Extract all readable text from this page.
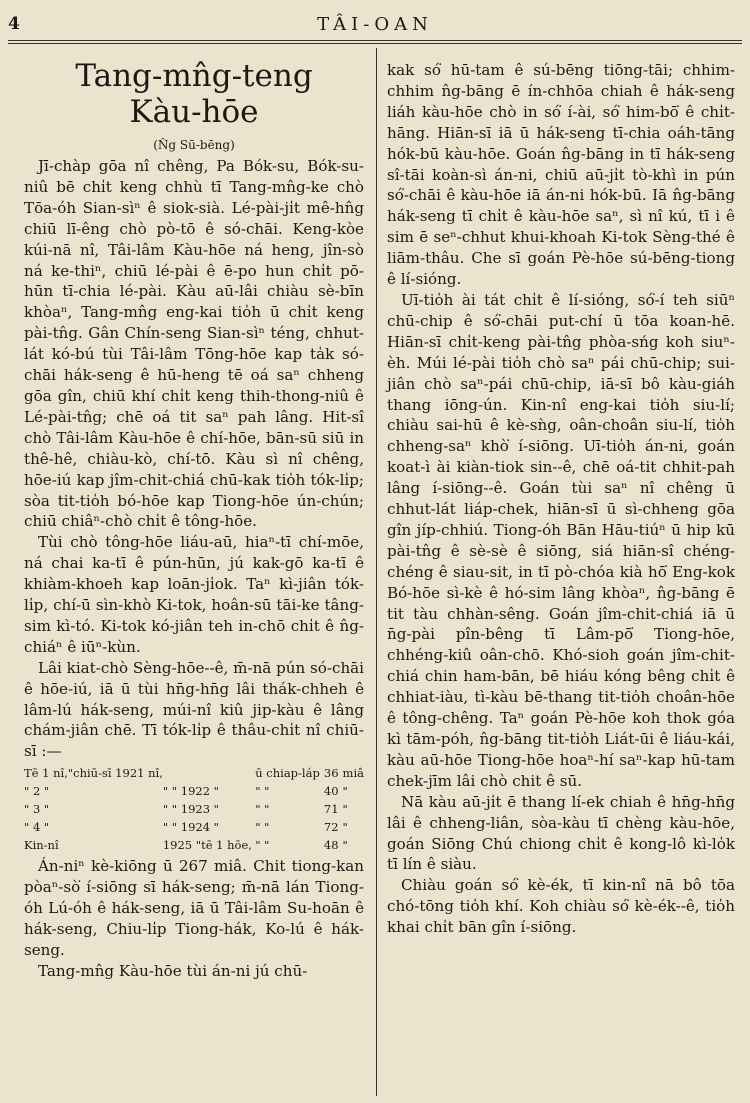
4	TÂI-OAN
Tang-mn̂g-teng
Kàu-hōe
(N̂g Sū-bēng)

Jī-chàp gōa nî chêng, Pa Bók-su, Bók-su-niû bē chi̍t keng chhù tī Tang-mn̂g-ke chò Tōa-óh Sian-sìⁿ ê siok-sià. Lé-pài-ji̍t mê-hn̂g chiū lī-êng chò pò-tō ê só-chāi. Keng-kòe kúi-nā nî, Tâi-lâm Kàu-hōe ná heng, jîn-sò ná ke-thiⁿ, chiū lé-pài ê ē-po hun chi̍t pō-hūn tī-chia lé-pài. Kàu aū-lâi chiàu sè-bīn khòaⁿ, Tang-mn̂g eng-kai tio̍h ū chi̍t keng pài-tn̂g. Gân Chín-seng Sian-sìⁿ téng, chhut-lát kó-bú tùi Tâi-lâm Tōng-hōe kap ta̍k só-chāi hák-seng ê hū-heng tē oá saⁿ chheng gōa gîn, chiū khí chi̍t keng thih-thong-niû ê Lé-pài-tn̂g; chē oá tit saⁿ pah lâng. Hit-sî chò Tâi-lâm Kàu-hōe ê chí-hōe, bān-sū siū in thê-hê, chiàu-kò, chí-tō. Kàu sì nî chêng, hōe-iú kap jîm-chit-chiá chū-kak tio̍h tók-li̍p; sòa tit-tio̍h bó-hōe kap Tiong-hōe ún-chún; chiū chiâⁿ-chò chi̍t ê tông-hōe.

Tùi chò tông-hōe liáu-aū, hiaⁿ-tī chí-mōe, ná chai ka-tī ê pún-hūn, jú kak-gō ka-tī ê khiàm-khoeh kap loān-ji̍ok. Taⁿ kì-jiân tók-li̍p, chí-ū sìn-khò Ki-tok, hoân-sū tāi-ke tâng-sim kì-tó. Ki-tok kó-jiân teh in-chō chi̍t ê n̂g-chiáⁿ ê iūⁿ-kùn.

Lâi kiat-chò Sèng-hōe--ê, m̄-nā pún só-chāi ê hōe-iú, iā ū tùi hn̄g-hn̄g lâi thák-chheh ê lâm-lú hák-seng, múi-nî kiû jip-kàu ê lâng chám-jiân chē. Tī tók-li̍p ê thâu-chi̍t nî chiū-sī :—

Tē 1 nî,"chiū-sī 1921 nî,		ū chiap-láp	36	miâ
" 2 "	" " 1922 "	" "	40	"
" 3 "	" " 1923 "	" "	71	"
" 4 "	" " 1924 "	" "	72	"
Kin-nî	1925 "tē 1 hōe,	" "	48	"

Án-niⁿ kè-kiōng ū 267 miâ. Chit tiong-kan pòaⁿ-sò͘ í-siōng sī hák-seng; m̄-nā lán Tiong-óh Lú-óh ê hák-seng, iā ū Tâi-lâm Su-hoān ê hák-seng, Chiu-li̍p Tiong-hák, Ko-lú ê hák-seng.

Tang-mn̂g Kàu-hōe tùi án-ni jú chū-

kak só͘ hū-tam ê sú-bēng tiōng-tāi; chhim-chhim n̂g-bāng ē ín-chhōa chiah ê hák-seng liáh kàu-hōe chò in só͘ í-ài, só͘ him-bō͘ ê chi̍t-hāng. Hiān-sī iā ū hák-seng tī-chia oáh-tāng hók-bū kàu-hōe. Goán n̂g-bāng in tī hák-seng sî-tāi koàn-sì án-ni, chiū aū-ji̍t tò-khì in pún só͘-chāi ê kàu-hōe iā án-ni hók-bū. Iā n̂g-bāng hák-seng tī chi̍t ê kàu-hōe saⁿ, sì nî kú, tī i ê sim ē seⁿ-chhut khui-khoah Ki-tok Sèng-thé ê liām-thâu. Che sī goán Pè-hōe sú-bēng-tiong ê lí-sióng.

Uī-tio̍h ài tát chi̍t ê lí-sióng, só͘-í teh siūⁿ chū-chip ê só͘-chāi put-chí ū tōa koan-hē. Hiān-sī chi̍t-keng pài-tn̂g phòa-sńg koh siuⁿ-èh. Múi lé-pài tio̍h chò saⁿ pái chū-chip; sui-jiân chò saⁿ-pái chū-chip, iā-sī bô kàu-giáh thang iōng-ún. Kin-nî eng-kai tio̍h siu-lí; chiàu sai-hū ê kè-sǹg, oân-choân siu-lí, tio̍h chheng-saⁿ khò͘ í-siōng. Uī-tio̍h án-ni, goán koat-ì ài kiàn-tiok sin--ê, chē oá-tit chhit-pah lâng í-siōng--ê. Goán tùi saⁿ nî chêng ū chhut-lát liáp-chek, hiān-sī ū sì-chheng gōa gîn jíp-chhiú. Tiong-óh Bān Hāu-tiúⁿ ū hip kū pài-tn̂g ê sè-sè ê siōng, siá hiān-sî chéng-chéng ê siau-sit, in tī pò-chóa kià hō͘ Eng-kok Bó-hōe sì-kè ê hó-sim lâng khòaⁿ, n̂g-bāng ē tit tàu chhàn-sêng. Goán jîm-chit-chiá iā ū n̄g-pài pîn-bêng tī Lâm-pō͘ Tiong-hōe, chhéng-kiû oân-chō. Khó-sioh goán jîm-chit-chiá chin ham-bān, bē hiáu kóng bêng chi̍t ê chhiat-iàu, tì-kàu bē-thang tit-tio̍h choân-hōe ê tông-chêng. Taⁿ goán Pè-hōe koh thok góa kì tām-póh, n̂g-bāng tit-tio̍h Liát-ūi ê liáu-kái, kàu aū-hōe Tiong-hōe hoaⁿ-hí saⁿ-kap hū-tam chek-jīm lâi chò chit ê sū.

Nā kàu aū-ji̍t ē thang lí-ek chiah ê hn̄g-hn̄g lâi ê chheng-liân, sòa-kàu tī chèng kàu-hōe, goán Siōng Chú chiong chi̍t ê kong-lô kì-lo̍k tī lín ê siàu.

Chiàu goán só͘ kè-ék, tī kin-nî nā bô tōa chó-tōng tio̍h khí. Koh chiàu só͘ kè-ék--ê, tio̍h khai chi̍t bān gîn í-siōng.
